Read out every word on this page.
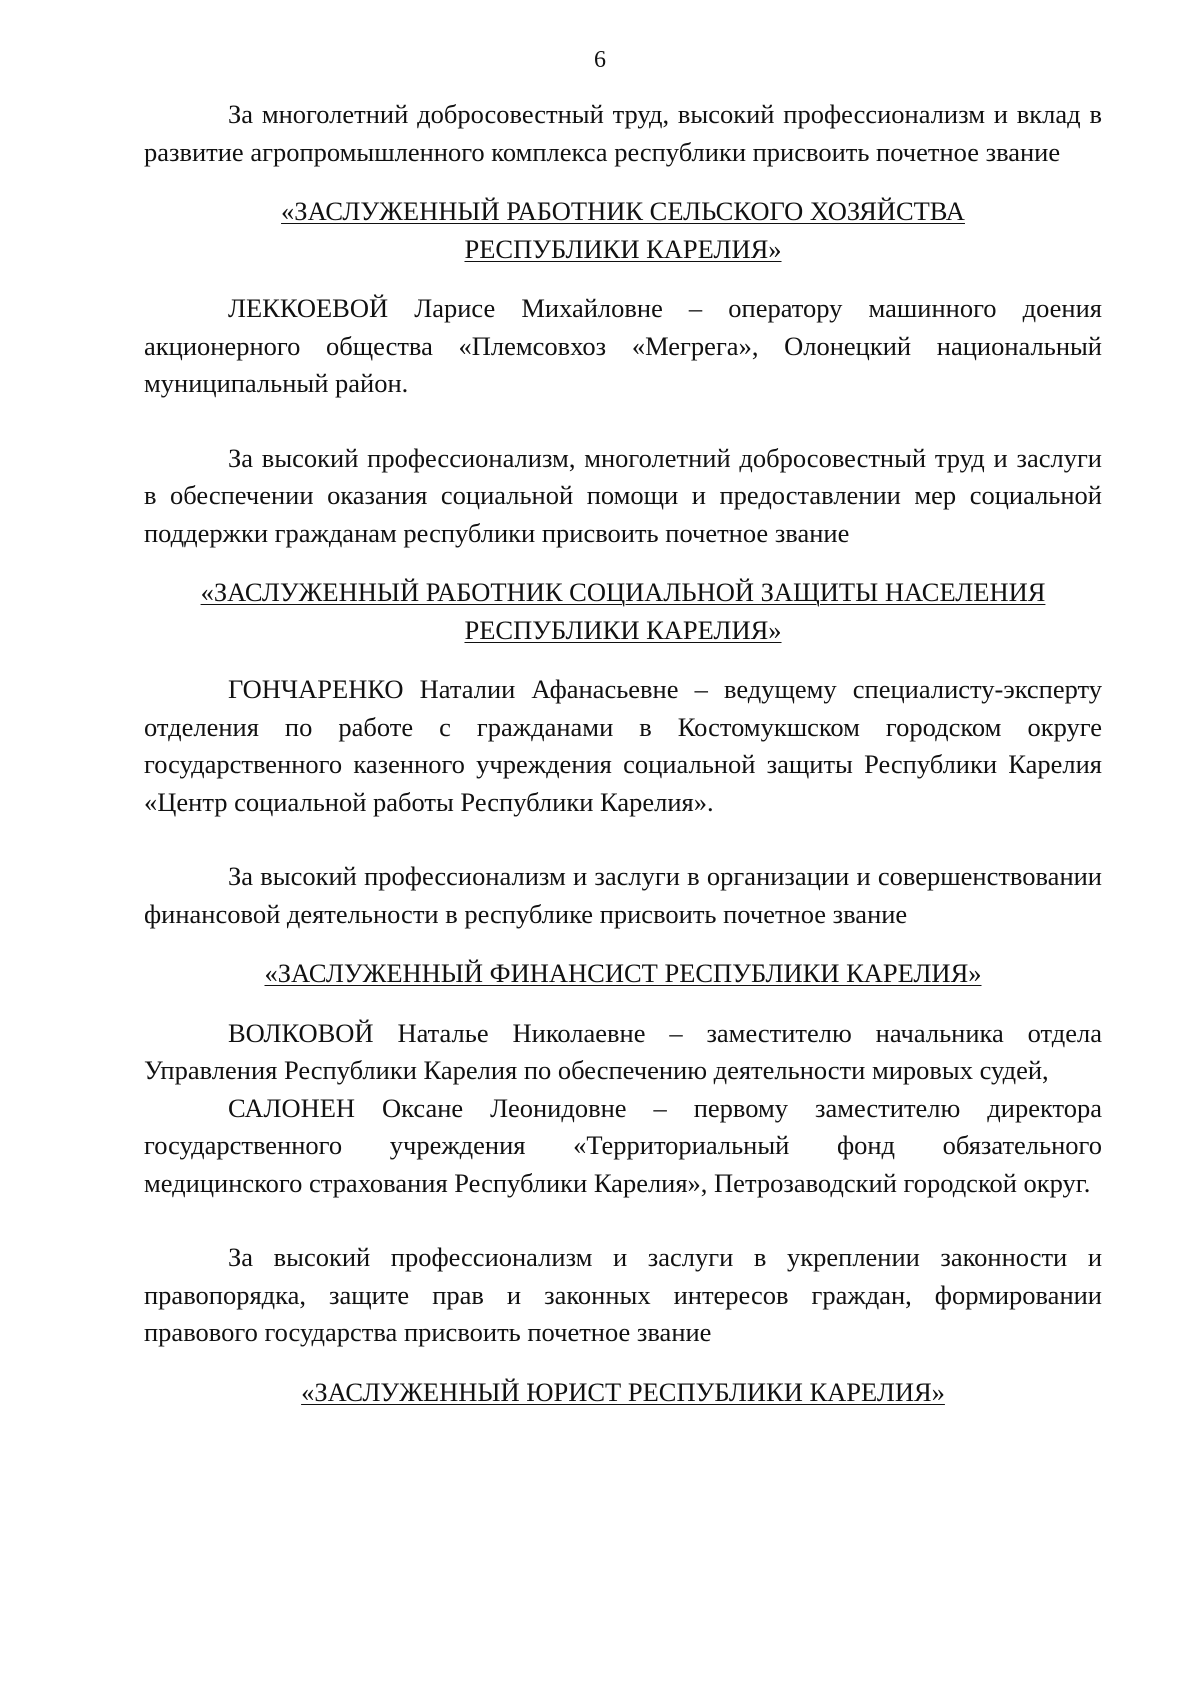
6

За многолетний добросовестный труд, высокий профессионализм и вклад в развитие агропромышленного комплекса республики присвоить почетное звание

«ЗАСЛУЖЕННЫЙ РАБОТНИК СЕЛЬСКОГО ХОЗЯЙСТВА

РЕСПУБЛИКИ КАРЕЛИЯ»

ЛЕККОЕВОЙ Ларисе Михайловне – оператору машинного доения акционерного общества «Племсовхоз «Мегрега», Олонецкий национальный муниципальный район.

За высокий профессионализм, многолетний добросовестный труд и заслуги в обеспечении оказания социальной помощи и предоставлении мер социальной поддержки гражданам республики присвоить почетное звание

«ЗАСЛУЖЕННЫЙ РАБОТНИК СОЦИАЛЬНОЙ ЗАЩИТЫ НАСЕЛЕНИЯ

РЕСПУБЛИКИ КАРЕЛИЯ»

ГОНЧАРЕНКО Наталии Афанасьевне – ведущему специалисту-эксперту отделения по работе с гражданами в Костомукшском городском округе государственного казенного учреждения социальной защиты Республики Карелия «Центр социальной работы Республики Карелия».

За высокий профессионализм и заслуги в организации и совершенствовании финансовой деятельности в республике присвоить почетное звание

«ЗАСЛУЖЕННЫЙ ФИНАНСИСТ РЕСПУБЛИКИ КАРЕЛИЯ»

ВОЛКОВОЙ Наталье Николаевне – заместителю начальника отдела Управления Республики Карелия по обеспечению деятельности мировых судей,

САЛОНЕН Оксане Леонидовне – первому заместителю директора государственного учреждения «Территориальный фонд обязательного медицинского страхования Республики Карелия», Петрозаводский городской округ.

За высокий профессионализм и заслуги в укреплении законности и правопорядка, защите прав и законных интересов граждан, формировании правового государства присвоить почетное звание

«ЗАСЛУЖЕННЫЙ ЮРИСТ РЕСПУБЛИКИ КАРЕЛИЯ»
